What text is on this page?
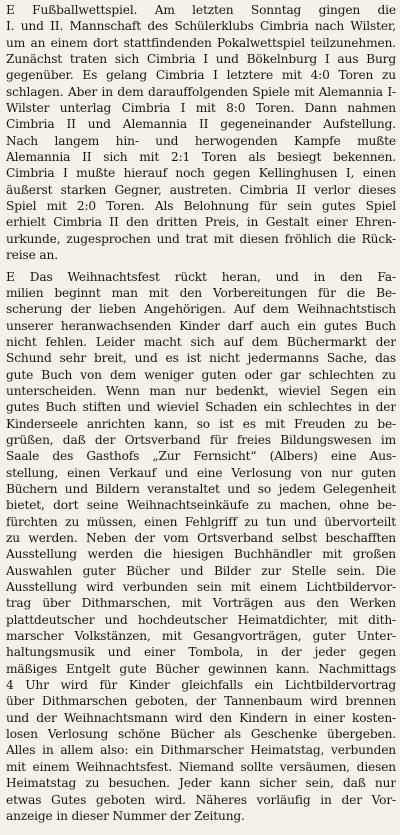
E Fußballwettspiel. Am letzten Sonntag gingen die
I. und II. Mannschaft des Schülerklubs Cimbria nach Wilster,
um an einem dort stattfindenden Pokalwettspiel teilzunehmen.
Zunächst traten sich Cimbria I und Bökelnburg I aus Burg
gegenüber. Es gelang Cimbria I letztere mit 4:0 Toren zu
schlagen. Aber in dem darauffolgenden Spiele mit Alemannia I-
Wilster unterlag Cimbria I mit 8:0 Toren. Dann nahmen
Cimbria II und Alemannia II gegeneinander Aufstellung.
Nach langem hin- und herwogenden Kampfe mußte
Alemannia II sich mit 2:1 Toren als besiegt bekennen.
Cimbria I mußte hierauf noch gegen Kellinghusen I, einen
äußerst starken Gegner, austreten. Cimbria II verlor dieses
Spiel mit 2:0 Toren. Als Belohnung für sein gutes Spiel
erhielt Cimbria II den dritten Preis, in Gestalt einer Ehren-
urkunde, zugesprochen und trat mit diesen fröhlich die Rück-
reise an.
E Das Weihnachtsfest rückt heran, und in den Fa-
milien beginnt man mit den Vorbereitungen für die Be-
scherung der lieben Angehörigen. Auf dem Weihnachtstisch
unserer heranwachsenden Kinder darf auch ein gutes Buch
nicht fehlen. Leider macht sich auf dem Büchermarkt der
Schund sehr breit, und es ist nicht jedermanns Sache, das
gute Buch von dem weniger guten oder gar schlechten zu
unterscheiden. Wenn man nur bedenkt, wieviel Segen ein
gutes Buch stiften und wieviel Schaden ein schlechtes in der
Kinderseele anrichten kann, so ist es mit Freuden zu be-
grüßen, daß der Ortsverband für freies Bildungswesen im
Saale des Gasthofs „Zur Fernsicht“ (Albers) eine Aus-
stellung, einen Verkauf und eine Verlosung von nur guten
Büchern und Bildern veranstaltet und so jedem Gelegenheit
bietet, dort seine Weihnachtseinkäufe zu machen, ohne be-
fürchten zu müssen, einen Fehlgriff zu tun und übervorteilt
zu werden. Neben der vom Ortsverband selbst beschafften
Ausstellung werden die hiesigen Buchhändler mit großen
Auswahlen guter Bücher und Bilder zur Stelle sein. Die
Ausstellung wird verbunden sein mit einem Lichtbildervor-
trag über Dithmarschen, mit Vorträgen aus den Werken
plattdeutscher und hochdeutscher Heimatdichter, mit dith-
marscher Volkstänzen, mit Gesangvorträgen, guter Unter-
haltungsmusik und einer Tombola, in der jeder gegen
mäßiges Entgelt gute Bücher gewinnen kann. Nachmittags
4 Uhr wird für Kinder gleichfalls ein Lichtbildervortrag
über Dithmarschen geboten, der Tannenbaum wird brennen
und der Weihnachtsmann wird den Kindern in einer kosten-
losen Verlosung schöne Bücher als Geschenke übergeben.
Alles in allem also: ein Dithmarscher Heimatstag, verbunden
mit einem Weihnachtsfest. Niemand sollte versäumen, diesen
Heimatstag zu besuchen. Jeder kann sicher sein, daß nur
etwas Gutes geboten wird. Näheres vorläufig in der Vor-
anzeige in dieser Nummer der Zeitung.
